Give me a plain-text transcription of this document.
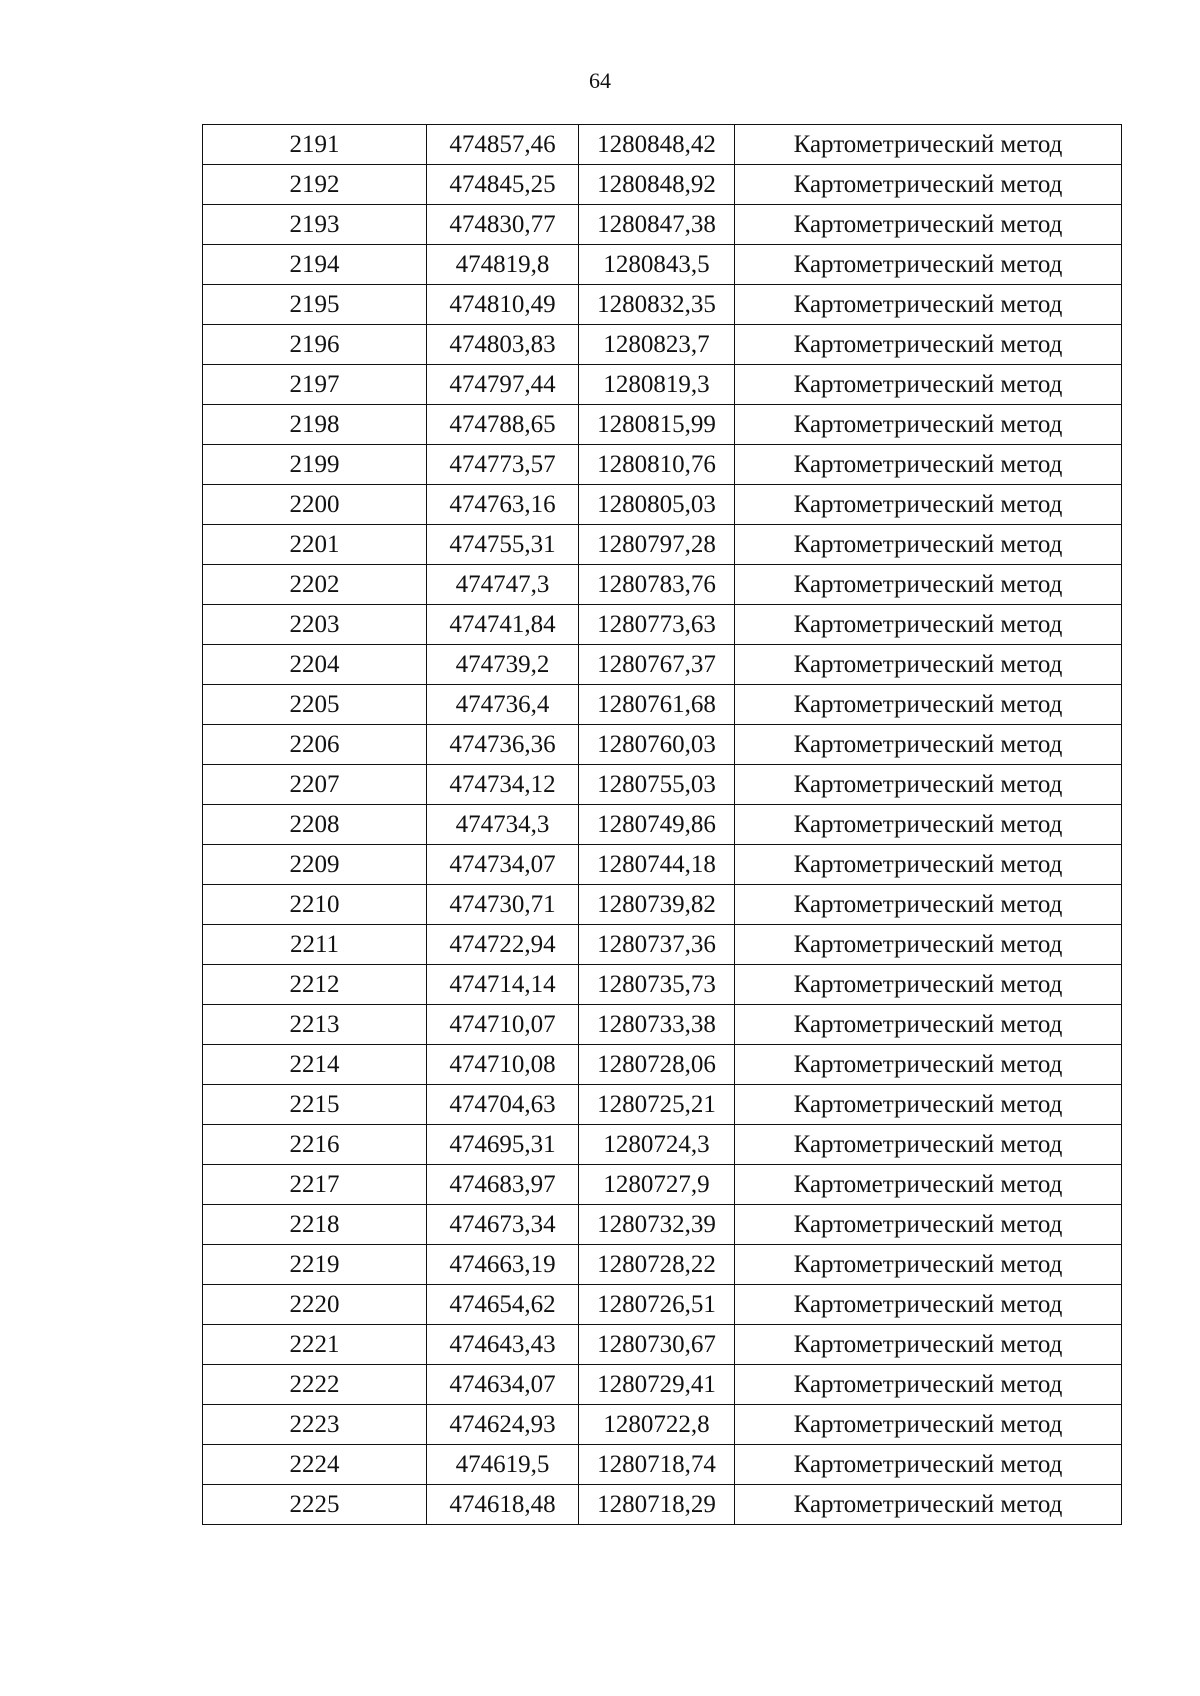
64
2191	474857,46	1280848,42	Картометрический метод
2192	474845,25	1280848,92	Картометрический метод
2193	474830,77	1280847,38	Картометрический метод
2194	474819,8	1280843,5	Картометрический метод
2195	474810,49	1280832,35	Картометрический метод
2196	474803,83	1280823,7	Картометрический метод
2197	474797,44	1280819,3	Картометрический метод
2198	474788,65	1280815,99	Картометрический метод
2199	474773,57	1280810,76	Картометрический метод
2200	474763,16	1280805,03	Картометрический метод
2201	474755,31	1280797,28	Картометрический метод
2202	474747,3	1280783,76	Картометрический метод
2203	474741,84	1280773,63	Картометрический метод
2204	474739,2	1280767,37	Картометрический метод
2205	474736,4	1280761,68	Картометрический метод
2206	474736,36	1280760,03	Картометрический метод
2207	474734,12	1280755,03	Картометрический метод
2208	474734,3	1280749,86	Картометрический метод
2209	474734,07	1280744,18	Картометрический метод
2210	474730,71	1280739,82	Картометрический метод
2211	474722,94	1280737,36	Картометрический метод
2212	474714,14	1280735,73	Картометрический метод
2213	474710,07	1280733,38	Картометрический метод
2214	474710,08	1280728,06	Картометрический метод
2215	474704,63	1280725,21	Картометрический метод
2216	474695,31	1280724,3	Картометрический метод
2217	474683,97	1280727,9	Картометрический метод
2218	474673,34	1280732,39	Картометрический метод
2219	474663,19	1280728,22	Картометрический метод
2220	474654,62	1280726,51	Картометрический метод
2221	474643,43	1280730,67	Картометрический метод
2222	474634,07	1280729,41	Картометрический метод
2223	474624,93	1280722,8	Картометрический метод
2224	474619,5	1280718,74	Картометрический метод
2225	474618,48	1280718,29	Картометрический метод
